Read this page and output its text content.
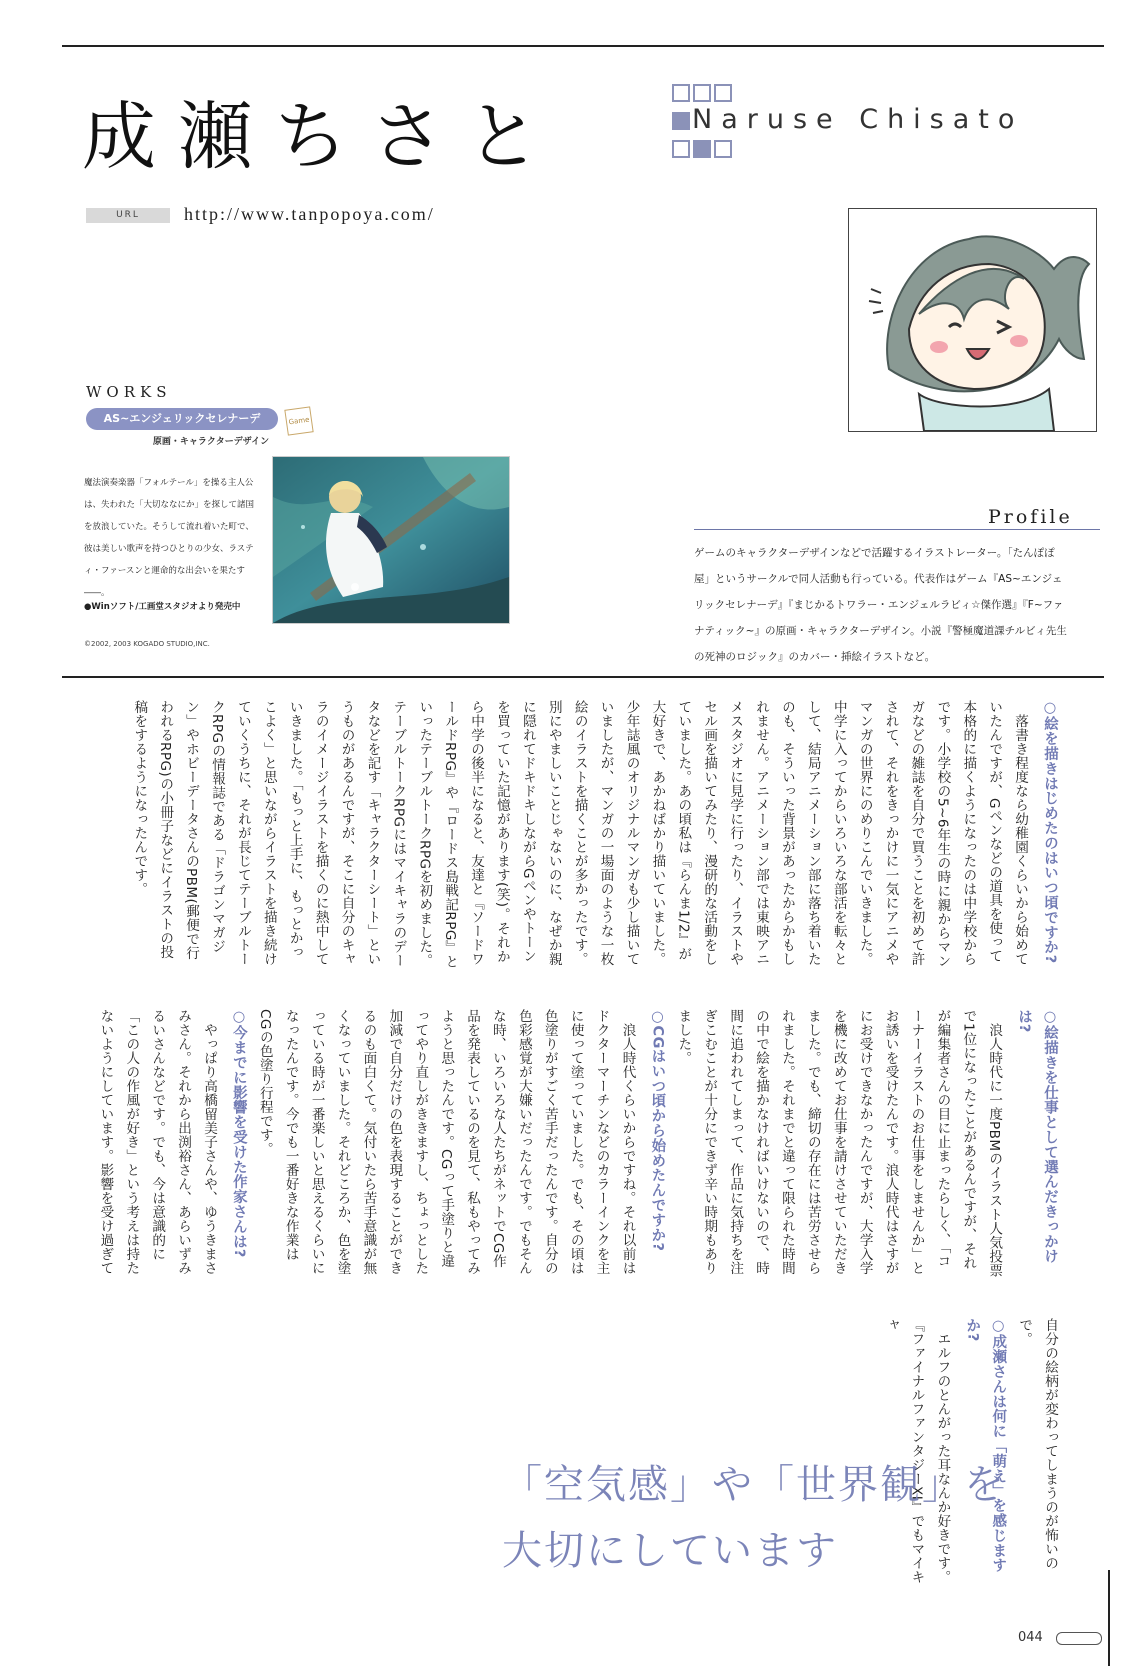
成瀬ちさと	Naruse Chisato
URL	http://www.tanpopoya.com/
WORKS
AS~エンジェリックセレナーデ	Game
原画・キャラクターデザイン
魔法演奏楽器「フォルテール」を操る主人公は、失われた「大切ななにか」を探して諸国を放浪していた。そうして流れ着いた町で、彼は美しい歌声を持つひとりの少女、ラスティ・ファースンと運命的な出会いを果たす――。
●Winソフト/工画堂スタジオより発売中
©2002, 2003 KOGADO STUDIO,INC.
Profile
ゲームのキャラクターデザインなどで活躍するイラストレーター。「たんぽぽ屋」というサークルで同人活動も行っている。代表作はゲーム『AS~エンジェリックセレナーデ』『まじかるトワラー・エンジェルラビィ☆傑作選』『F~ファナティック~』の原画・キャラクターデザイン。小説『警極魔道課チルビィ先生の死神のロジック』のカバー・挿絵イラストなど。
○絵を描きはじめたのはいつ頃ですか?

落書き程度なら幼稚園くらいから始めていたんですが、Gペンなどの道具を使って本格的に描くようになったのは中学校からです。小学校の5~6年生の時に親からマンガなどの雑誌を自分で買うことを初めて許されて、それをきっかけに一気にアニメやマンガの世界にのめりこんでいきました。中学に入ってからいろいろな部活を転々として、結局アニメーション部に落ち着いたのも、そういった背景があったからかもしれません。アニメーション部では東映アニメスタジオに見学に行ったり、イラストやセル画を描いてみたり、漫研的な活動をしていました。あの頃私は『らんま1/2』が大好きで、あかねばかり描いていました。少年誌風のオリジナルマンガも少し描いていましたが、マンガの一場面のような一枚絵のイラストを描くことが多かったです。別にやましいことじゃないのに、なぜか親に隠れてドキドキしながらGペンやトーンを買っていた記憶があります(笑)。それから中学の後半になると、友達と『ソードワールドRPG』や『ロードス島戦記RPG』といったテーブルトークRPGを初めました。テーブルトークRPGにはマイキャラのデータなどを記す「キャラクターシート」というものがあるんですが、そこに自分のキャラのイメージイラストを描くのに熱中していきました。「もっと上手に、もっとかっこよく」と思いながらイラストを描き続けていくうちに、それが長じてテーブルトークRPGの情報誌である「ドラゴンマガジン」やホビーデータさんのPBM(郵便で行われるRPG)の小冊子などにイラストの投稿をするようになったんです。

○絵描きを仕事として選んだきっかけは?

浪人時代に一度PBMのイラスト人気投票で1位になったことがあるんですが、それが編集者さんの目に止まったらしく、「コーナーイラストのお仕事をしませんか」とお誘いを受けたんです。浪人時代はさすがにお受けできなかったんですが、大学入学を機に改めてお仕事を請けさせていただきました。でも、締切の存在には苦労させられました。それまでと違って限られた時間の中で絵を描かなければいけないので、時間に追われてしまって、作品に気持ちを注ぎこむことが十分にできず辛い時期もありました。

○CGはいつ頃から始めたんですか?

浪人時代くらいからですね。それ以前はドクターマーチンなどのカラーインクを主に使って塗っていました。でも、その頃は色塗りがすごく苦手だったんです。自分の色彩感覚が大嫌いだったんです。でもそんな時、いろいろな人たちがネットでCG作品を発表しているのを見て、私もやってみようと思ったんです。CGって手塗りと違ってやり直しがききますし、ちょっとした加減で自分だけの色を表現することができるのも面白くて。気付いたら苦手意識が無くなっていました。それどころか、色を塗っている時が一番楽しいと思えるくらいになったんです。今でも一番好きな作業はCGの色塗り行程です。

○今までに影響を受けた作家さんは?

やっぱり高橋留美子さんや、ゆうきまさみさん。それから出渕裕さん、あらいずみるいさんなどです。でも、今は意識的に「この人の作風が好き」という考えは持たないようにしています。影響を受け過ぎて自分の絵柄が変わってしまうのが怖いので。

○成瀬さんは何に「萌え」を感じますか?

エルフのとんがった耳なんか好きです。『ファイナルファンタジーXI』でもマイキャ

「空気感」や「世界観」を
大切にしています
044
